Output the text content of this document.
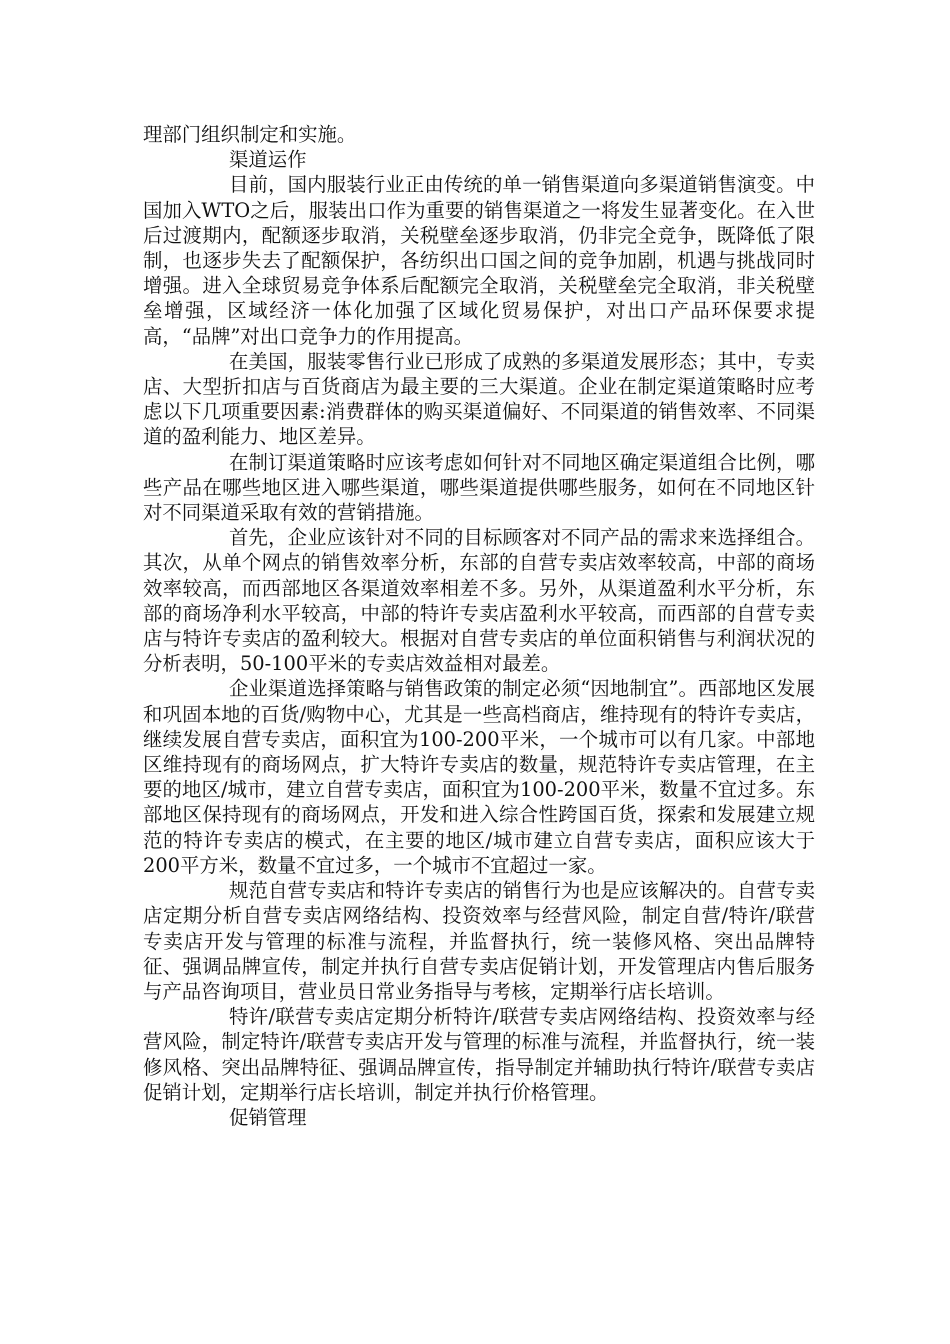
理部门组织制定和实施。

渠道运作

目前，国内服装行业正由传统的单一销售渠道向多渠道销售演变。中国加入WTO之后，服装出口作为重要的销售渠道之一将发生显著变化。在入世后过渡期内，配额逐步取消，关税壁垒逐步取消，仍非完全竞争，既降低了限制，也逐步失去了配额保护，各纺织出口国之间的竞争加剧，机遇与挑战同时增强。进入全球贸易竞争体系后配额完全取消，关税壁垒完全取消，非关税壁垒增强，区域经济一体化加强了区域化贸易保护，对出口产品环保要求提高，“品牌”对出口竞争力的作用提高。

在美国，服装零售行业已形成了成熟的多渠道发展形态；其中，专卖店、大型折扣店与百货商店为最主要的三大渠道。企业在制定渠道策略时应考虑以下几项重要因素:消费群体的购买渠道偏好、不同渠道的销售效率、不同渠道的盈利能力、地区差异。

在制订渠道策略时应该考虑如何针对不同地区确定渠道组合比例，哪些产品在哪些地区进入哪些渠道，哪些渠道提供哪些服务，如何在不同地区针对不同渠道采取有效的营销措施。

首先，企业应该针对不同的目标顾客对不同产品的需求来选择组合。其次，从单个网点的销售效率分析，东部的自营专卖店效率较高，中部的商场效率较高，而西部地区各渠道效率相差不多。另外，从渠道盈利水平分析，东部的商场净利水平较高，中部的特许专卖店盈利水平较高，而西部的自营专卖店与特许专卖店的盈利较大。根据对自营专卖店的单位面积销售与利润状况的分析表明，50-100平米的专卖店效益相对最差。

企业渠道选择策略与销售政策的制定必须“因地制宜”。西部地区发展和巩固本地的百货/购物中心，尤其是一些高档商店，维持现有的特许专卖店，继续发展自营专卖店，面积宜为100-200平米，一个城市可以有几家。中部地区维持现有的商场网点，扩大特许专卖店的数量，规范特许专卖店管理，在主要的地区/城市，建立自营专卖店，面积宜为100-200平米，数量不宜过多。东部地区保持现有的商场网点，开发和进入综合性跨国百货，探索和发展建立规范的特许专卖店的模式，在主要的地区/城市建立自营专卖店，面积应该大于200平方米，数量不宜过多，一个城市不宜超过一家。

规范自营专卖店和特许专卖店的销售行为也是应该解决的。自营专卖店定期分析自营专卖店网络结构、投资效率与经营风险，制定自营/特许/联营专卖店开发与管理的标准与流程，并监督执行，统一装修风格、突出品牌特征、强调品牌宣传，制定并执行自营专卖店促销计划，开发管理店内售后服务与产品咨询项目，营业员日常业务指导与考核，定期举行店长培训。

特许/联营专卖店定期分析特许/联营专卖店网络结构、投资效率与经营风险，制定特许/联营专卖店开发与管理的标准与流程，并监督执行，统一装修风格、突出品牌特征、强调品牌宣传，指导制定并辅助执行特许/联营专卖店促销计划，定期举行店长培训，制定并执行价格管理。

促销管理
